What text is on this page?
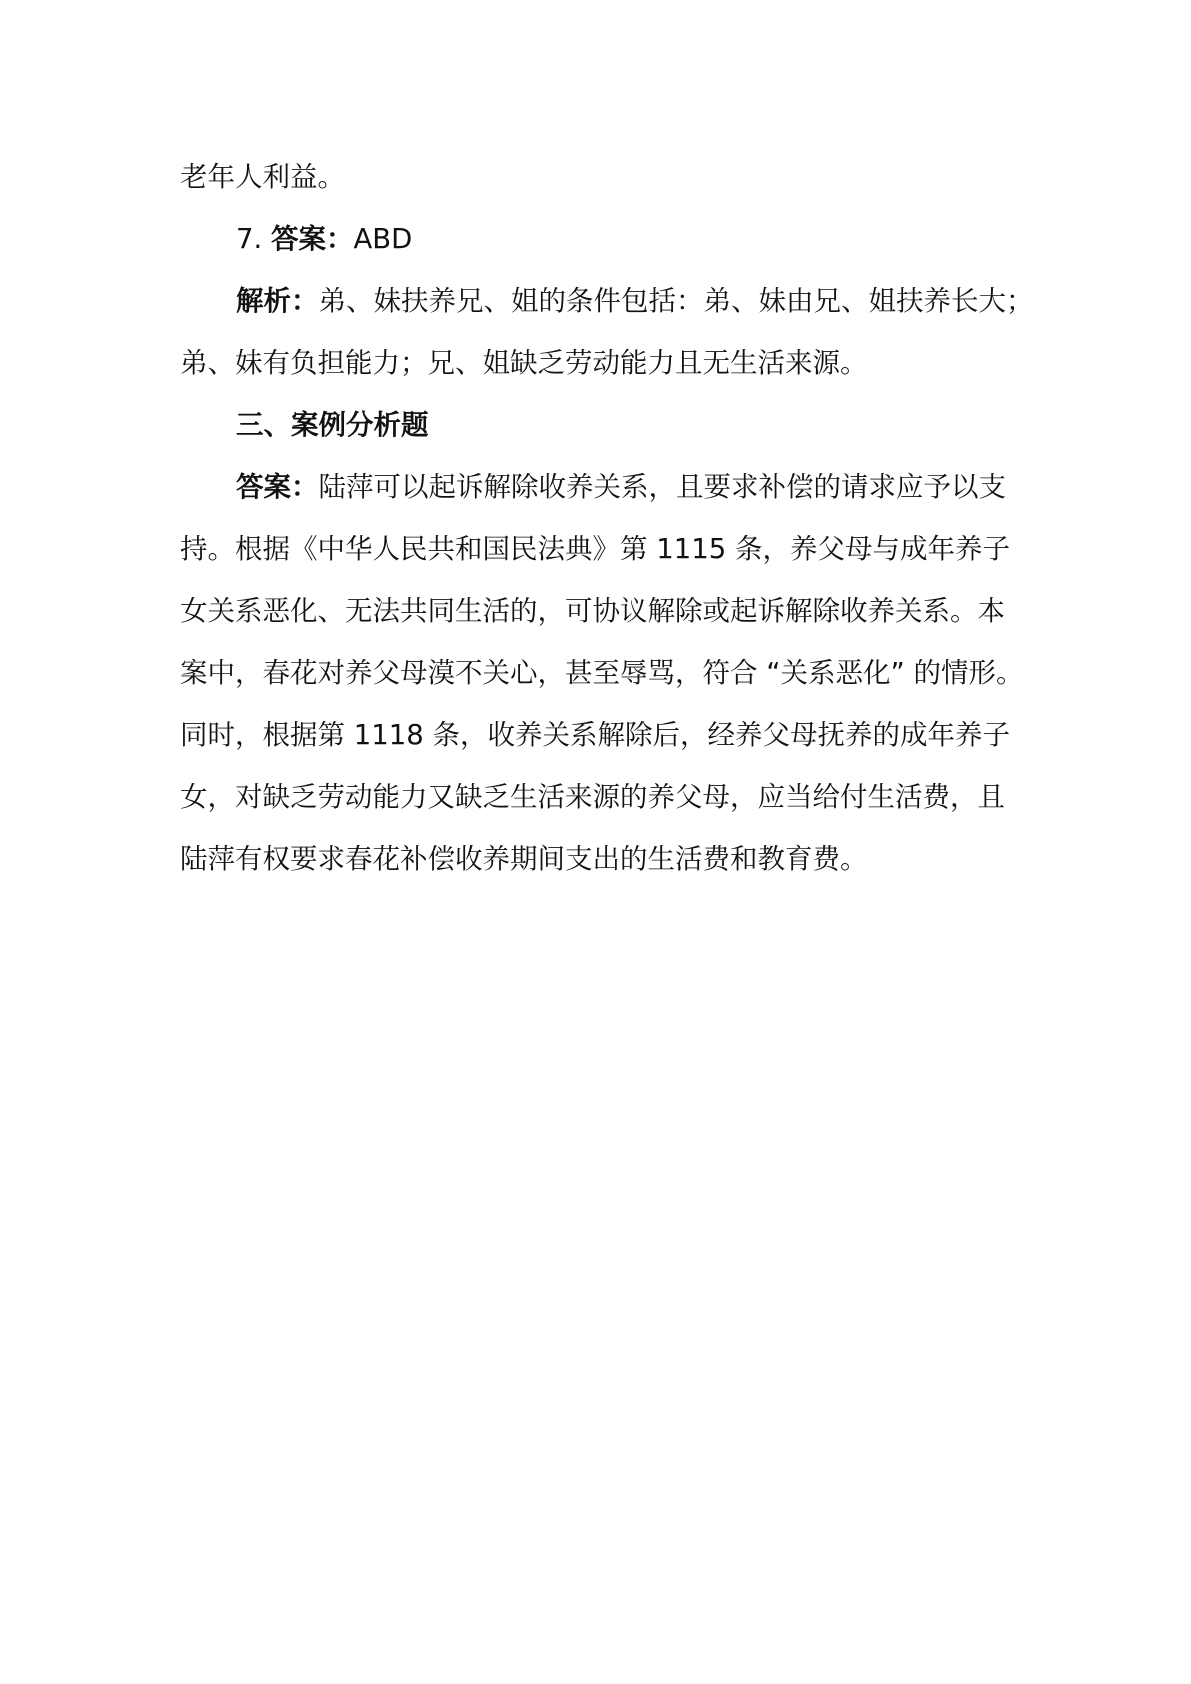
老年人利益。
7. 答案：ABD
解析：弟、妹扶养兄、姐的条件包括：弟、妹由兄、姐扶养长大；
弟、妹有负担能力；兄、姐缺乏劳动能力且无生活来源。
三、案例分析题
答案：陆萍可以起诉解除收养关系，且要求补偿的请求应予以支
持。根据《中华人民共和国民法典》第 1115 条，养父母与成年养子
女关系恶化、无法共同生活的，可协议解除或起诉解除收养关系。本
案中，春花对养父母漠不关心，甚至辱骂，符合 “关系恶化” 的情形。
同时，根据第 1118 条，收养关系解除后，经养父母抚养的成年养子
女，对缺乏劳动能力又缺乏生活来源的养父母，应当给付生活费，且
陆萍有权要求春花补偿收养期间支出的生活费和教育费。
